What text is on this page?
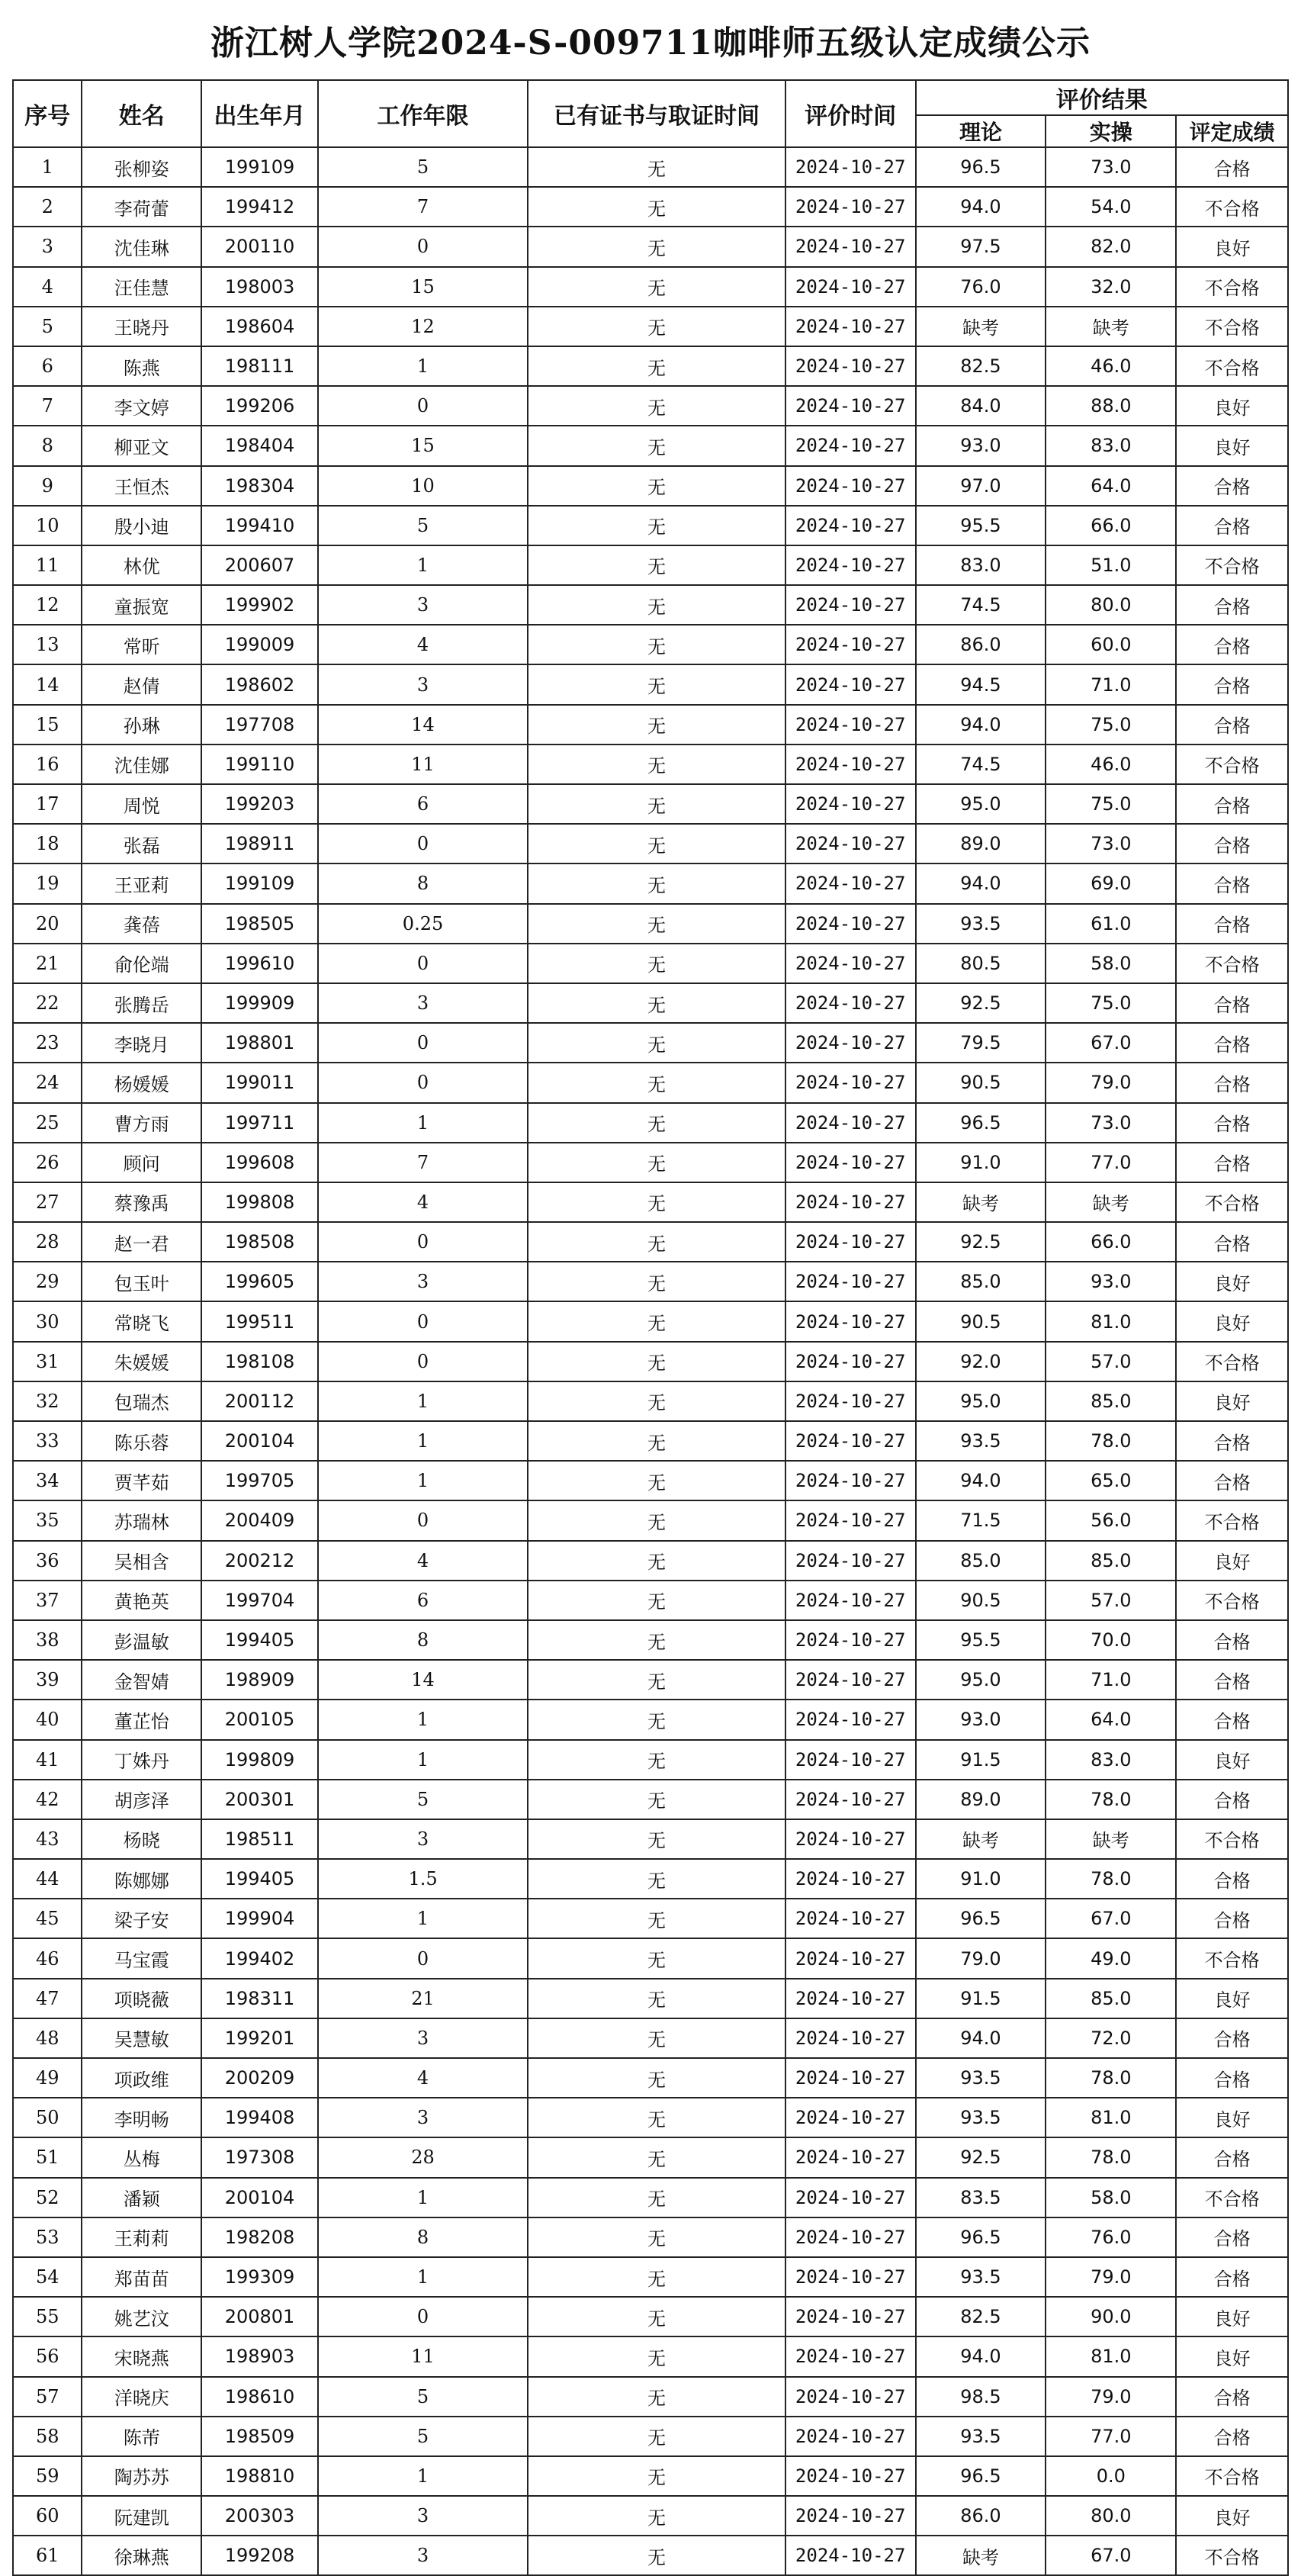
浙江树人学院2024-S-009711咖啡师五级认定成绩公示
序号	姓名	出生年月	工作年限	已有证书与取证时间	评价时间	评价结果		
						理论	实操	评定成绩
1	张柳姿	199109	5	无	2024-10-27	96.5	73.0	合格
2	李荷蕾	199412	7	无	2024-10-27	94.0	54.0	不合格
3	沈佳琳	200110	0	无	2024-10-27	97.5	82.0	良好
4	汪佳慧	198003	15	无	2024-10-27	76.0	32.0	不合格
5	王晓丹	198604	12	无	2024-10-27	缺考	缺考	不合格
6	陈燕	198111	1	无	2024-10-27	82.5	46.0	不合格
7	李文婷	199206	0	无	2024-10-27	84.0	88.0	良好
8	柳亚文	198404	15	无	2024-10-27	93.0	83.0	良好
9	王恒杰	198304	10	无	2024-10-27	97.0	64.0	合格
10	殷小迪	199410	5	无	2024-10-27	95.5	66.0	合格
11	林优	200607	1	无	2024-10-27	83.0	51.0	不合格
12	童振宽	199902	3	无	2024-10-27	74.5	80.0	合格
13	常昕	199009	4	无	2024-10-27	86.0	60.0	合格
14	赵倩	198602	3	无	2024-10-27	94.5	71.0	合格
15	孙琳	197708	14	无	2024-10-27	94.0	75.0	合格
16	沈佳娜	199110	11	无	2024-10-27	74.5	46.0	不合格
17	周悦	199203	6	无	2024-10-27	95.0	75.0	合格
18	张磊	198911	0	无	2024-10-27	89.0	73.0	合格
19	王亚莉	199109	8	无	2024-10-27	94.0	69.0	合格
20	龚蓓	198505	0.25	无	2024-10-27	93.5	61.0	合格
21	俞伦端	199610	0	无	2024-10-27	80.5	58.0	不合格
22	张腾岳	199909	3	无	2024-10-27	92.5	75.0	合格
23	李晓月	198801	0	无	2024-10-27	79.5	67.0	合格
24	杨媛媛	199011	0	无	2024-10-27	90.5	79.0	合格
25	曹方雨	199711	1	无	2024-10-27	96.5	73.0	合格
26	顾问	199608	7	无	2024-10-27	91.0	77.0	合格
27	蔡豫禹	199808	4	无	2024-10-27	缺考	缺考	不合格
28	赵一君	198508	0	无	2024-10-27	92.5	66.0	合格
29	包玉叶	199605	3	无	2024-10-27	85.0	93.0	良好
30	常晓飞	199511	0	无	2024-10-27	90.5	81.0	良好
31	朱媛媛	198108	0	无	2024-10-27	92.0	57.0	不合格
32	包瑞杰	200112	1	无	2024-10-27	95.0	85.0	良好
33	陈乐蓉	200104	1	无	2024-10-27	93.5	78.0	合格
34	贾芊茹	199705	1	无	2024-10-27	94.0	65.0	合格
35	苏瑞林	200409	0	无	2024-10-27	71.5	56.0	不合格
36	吴相含	200212	4	无	2024-10-27	85.0	85.0	良好
37	黄艳英	199704	6	无	2024-10-27	90.5	57.0	不合格
38	彭温敏	199405	8	无	2024-10-27	95.5	70.0	合格
39	金智婧	198909	14	无	2024-10-27	95.0	71.0	合格
40	董芷怡	200105	1	无	2024-10-27	93.0	64.0	合格
41	丁姝丹	199809	1	无	2024-10-27	91.5	83.0	良好
42	胡彦泽	200301	5	无	2024-10-27	89.0	78.0	合格
43	杨晓	198511	3	无	2024-10-27	缺考	缺考	不合格
44	陈娜娜	199405	1.5	无	2024-10-27	91.0	78.0	合格
45	梁子安	199904	1	无	2024-10-27	96.5	67.0	合格
46	马宝霞	199402	0	无	2024-10-27	79.0	49.0	不合格
47	项晓薇	198311	21	无	2024-10-27	91.5	85.0	良好
48	吴慧敏	199201	3	无	2024-10-27	94.0	72.0	合格
49	项政维	200209	4	无	2024-10-27	93.5	78.0	合格
50	李明畅	199408	3	无	2024-10-27	93.5	81.0	良好
51	丛梅	197308	28	无	2024-10-27	92.5	78.0	合格
52	潘颖	200104	1	无	2024-10-27	83.5	58.0	不合格
53	王莉莉	198208	8	无	2024-10-27	96.5	76.0	合格
54	郑苗苗	199309	1	无	2024-10-27	93.5	79.0	合格
55	姚艺汶	200801	0	无	2024-10-27	82.5	90.0	良好
56	宋晓燕	198903	11	无	2024-10-27	94.0	81.0	良好
57	洋晓庆	198610	5	无	2024-10-27	98.5	79.0	合格
58	陈芾	198509	5	无	2024-10-27	93.5	77.0	合格
59	陶苏苏	198810	1	无	2024-10-27	96.5	0.0	不合格
60	阮建凯	200303	3	无	2024-10-27	86.0	80.0	良好
61	徐琳燕	199208	3	无	2024-10-27	缺考	67.0	不合格
